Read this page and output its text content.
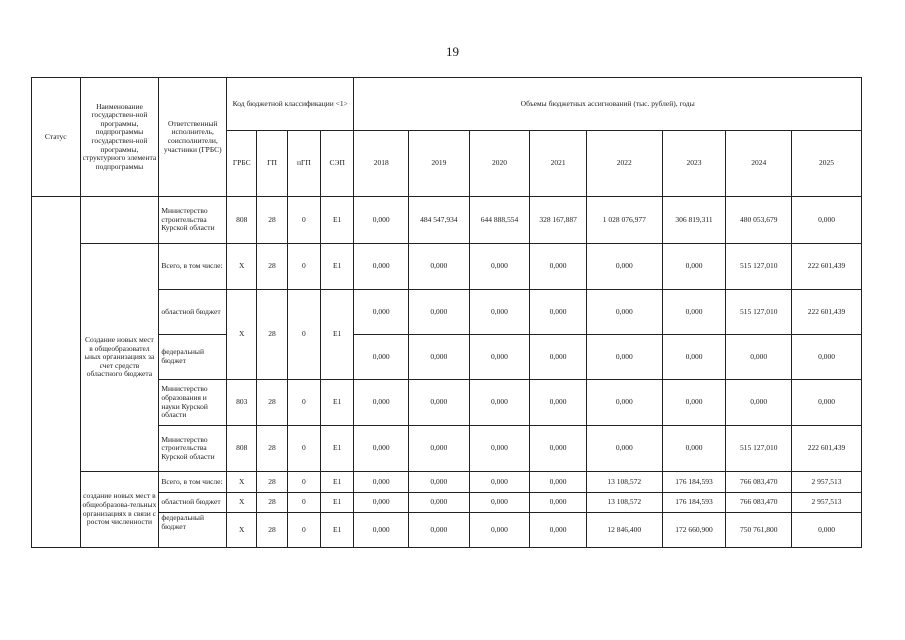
19
Статус	Наименование государствен-ной программы, подпрограммы государствен-ной программы, структурного элемента подпрограммы	Ответственный исполнитель, соисполнители, участники (ГРБС)	Код бюджетной классификации <1>				Объемы бюджетных ассигнований (тыс. рублей), годы							
			ГРБС	ГП	пГП	СЭП	2018	2019	2020	2021	2022	2023	2024	2025
		Министерство строительства Курской области	808	28	0	Е1	0,000	484 547,934	644 888,554	328 167,887	1 028 076,977	306 819,311	480 053,679	0,000
	Создание новых мест в общеобразовател ьных организациях за счет средств областного бюджета	Всего, в том числе:	Х	28	0	Е1	0,000	0,000	0,000	0,000	0,000	0,000	515 127,010	222 601,439
		областной бюджет	Х	28	0	Е1	0,000	0,000	0,000	0,000	0,000	0,000	515 127,010	222 601,439
		федеральный бюджет					0,000	0,000	0,000	0,000	0,000	0,000	0,000	0,000
		Министерство образования и науки Курской области	803	28	0	Е1	0,000	0,000	0,000	0,000	0,000	0,000	0,000	0,000
		Министерство строительства Курской области	808	28	0	Е1	0,000	0,000	0,000	0,000	0,000	0,000	515 127,010	222 601,439
	создание новых мест в общеобразова-тельных организациях в связи с ростом численности	Всего, в том числе:	Х	28	0	Е1	0,000	0,000	0,000	0,000	13 108,572	176 184,593	766 083,470	2 957,513
		областной бюджет	Х	28	0	Е1	0,000	0,000	0,000	0,000	13 108,572	176 184,593	766 083,470	2 957,513
		федеральный бюджет	Х	28	0	Е1	0,000	0,000	0,000	0,000	12 846,400	172 660,900	750 761,800	0,000
